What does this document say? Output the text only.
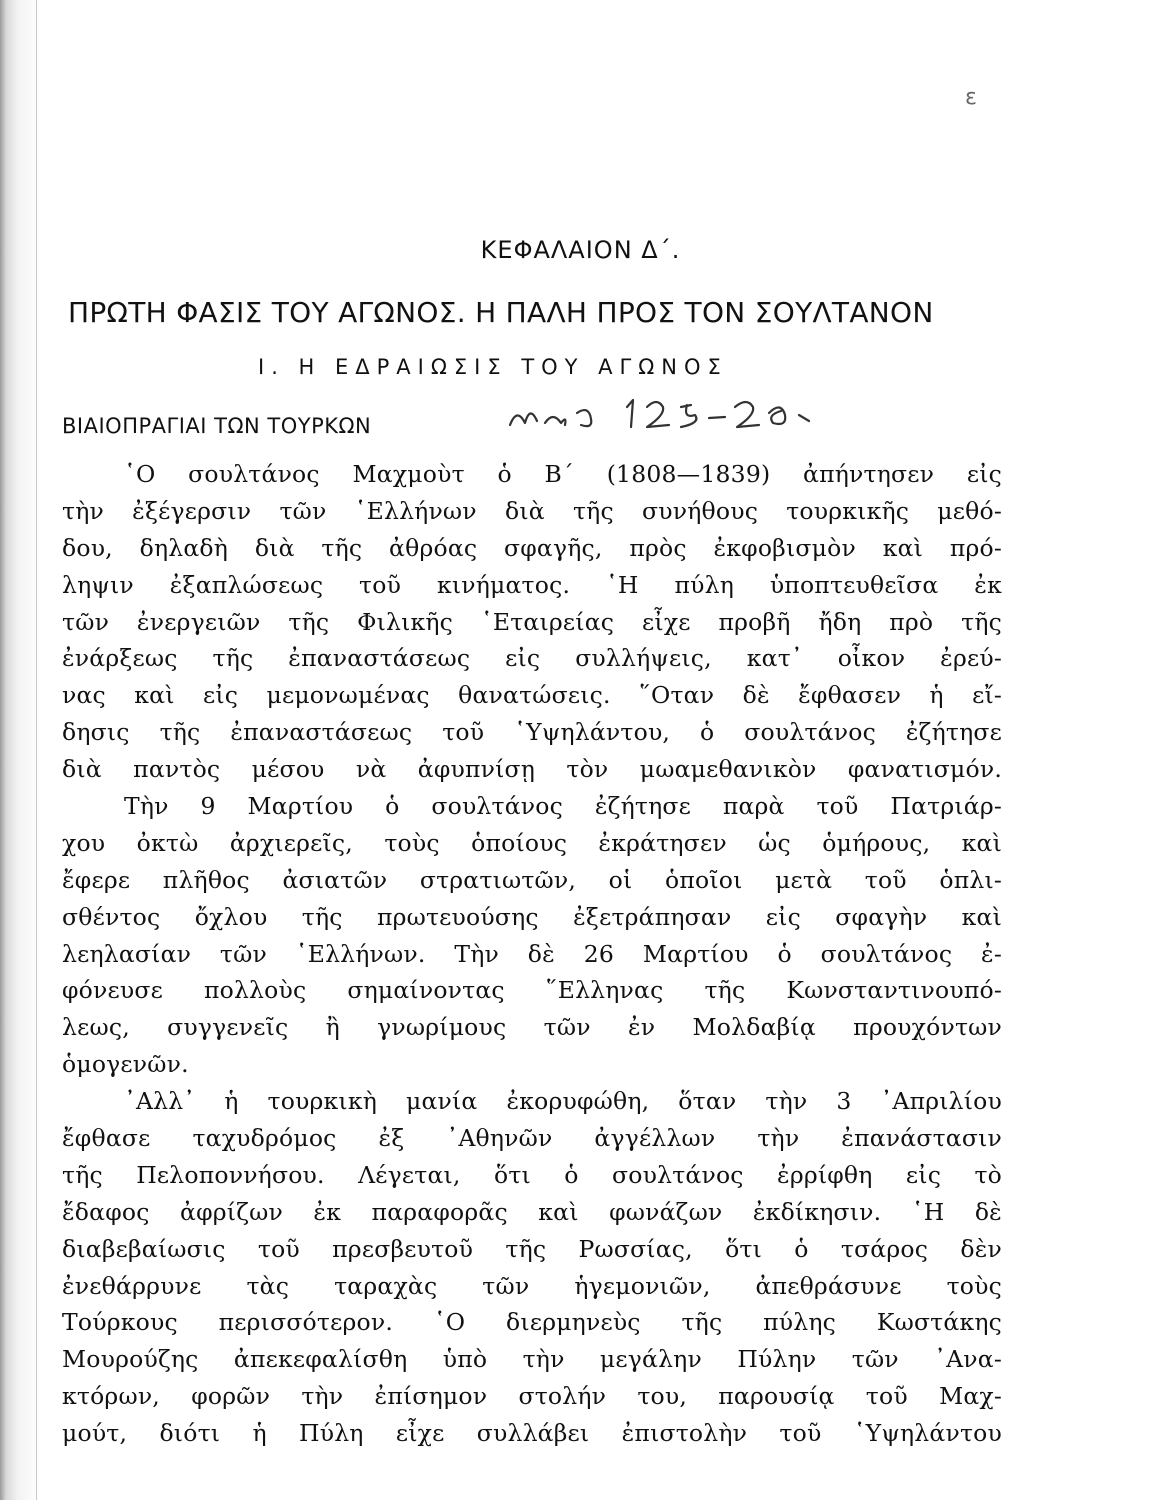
ε
ΚΕΦΑΛΑΙΟΝ Δ΄.
ΠΡΩΤΗ ΦΑΣΙΣ ΤΟΥ ΑΓΩΝΟΣ. Η ΠΑΛΗ ΠΡΟΣ ΤΟΝ ΣΟΥΛΤΑΝΟΝ
Ι. Η ΕΔΡΑΙΩΣΙΣ ΤΟΥ ΑΓΩΝΟΣ
ΒΙΑΙΟΠΡΑΓΙΑΙ ΤΩΝ ΤΟΥΡΚΩΝ
σελ. 127-29
῾Ο σουλτάνος Μαχμοὺτ ὁ Β΄ (1808—1839) ἀπήντησεν εἰς
τὴν ἐξέγερσιν τῶν ῾Ελλήνων διὰ τῆς συνήθους τουρκικῆς μεθό-
δου, δηλαδὴ διὰ τῆς ἀθρόας σφαγῆς, πρὸς ἐκφοβισμὸν καὶ πρό-
ληψιν ἐξαπλώσεως τοῦ κινήματος. ῾Η πύλη ὑποπτευθεῖσα ἐκ
τῶν ἐνεργειῶν τῆς Φιλικῆς ῾Εταιρείας εἶχε προβῆ ἤδη πρὸ τῆς
ἐνάρξεως τῆς ἐπαναστάσεως εἰς συλλήψεις, κατ᾿ οἶκον ἐρεύ-
νας καὶ εἰς μεμονωμένας θανατώσεις. ῞Οταν δὲ ἔφθασεν ἡ εἴ-
δησις τῆς ἐπαναστάσεως τοῦ ῾Υψηλάντου, ὁ σουλτάνος ἐζήτησε
διὰ παντὸς μέσου νὰ ἀφυπνίσῃ τὸν μωαμεθανικὸν φανατισμόν.
Τὴν 9 Μαρτίου ὁ σουλτάνος ἐζήτησε παρὰ τοῦ Πατριάρ-
χου ὀκτὼ ἀρχιερεῖς, τοὺς ὁποίους ἐκράτησεν ὡς ὁμήρους, καὶ
ἔφερε πλῆθος ἀσιατῶν στρατιωτῶν, οἱ ὁποῖοι μετὰ τοῦ ὁπλι-
σθέντος ὄχλου τῆς πρωτευούσης ἐξετράπησαν εἰς σφαγὴν καὶ
λεηλασίαν τῶν ῾Ελλήνων. Τὴν δὲ 26 Μαρτίου ὁ σουλτάνος ἐ-
φόνευσε πολλοὺς σημαίνοντας ῞Ελληνας τῆς Κωνσταντινουπό-
λεως, συγγενεῖς ἢ γνωρίμους τῶν ἐν Μολδαβίᾳ προυχόντων
ὁμογενῶν.
᾿Αλλ᾿ ἡ τουρκικὴ μανία ἐκορυφώθη, ὅταν τὴν 3 ᾿Απριλίου
ἔφθασε ταχυδρόμος ἐξ ᾿Αθηνῶν ἀγγέλλων τὴν ἐπανάστασιν
τῆς Πελοποννήσου. Λέγεται, ὅτι ὁ σουλτάνος ἐρρίφθη εἰς τὸ
ἔδαφος ἀφρίζων ἐκ παραφορᾶς καὶ φωνάζων ἐκδίκησιν. ῾Η δὲ
διαβεβαίωσις τοῦ πρεσβευτοῦ τῆς Ρωσσίας, ὅτι ὁ τσάρος δὲν
ἐνεθάρρυνε τὰς ταραχὰς τῶν ἡγεμονιῶν, ἀπεθράσυνε τοὺς
Τούρκους περισσότερον. ῾Ο διερμηνεὺς τῆς πύλης Κωστάκης
Μουρούζης ἀπεκεφαλίσθη ὑπὸ τὴν μεγάλην Πύλην τῶν ᾿Ανα-
κτόρων, φορῶν τὴν ἐπίσημον στολήν του, παρουσίᾳ τοῦ Μαχ-
μούτ, διότι ἡ Πύλη εἶχε συλλάβει ἐπιστολὴν τοῦ ῾Υψηλάντου
